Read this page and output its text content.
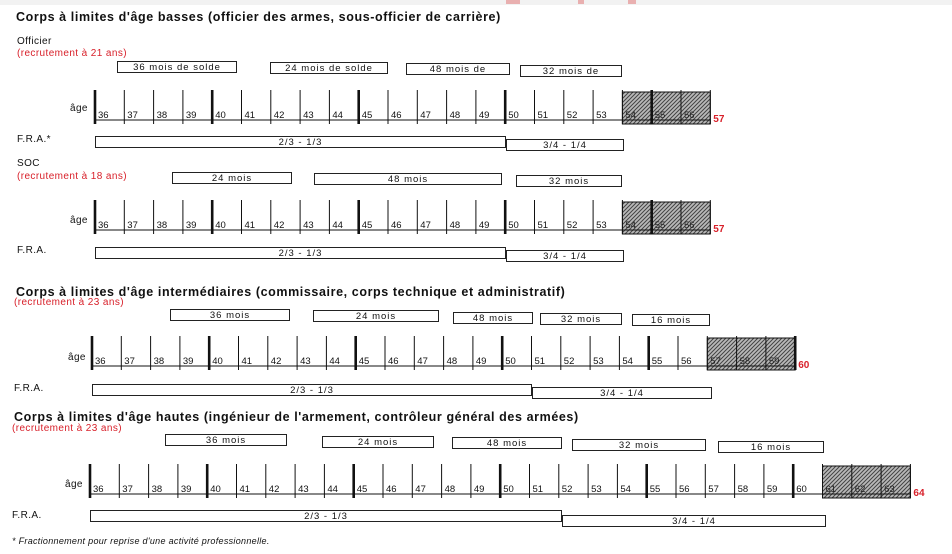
Corps à limites d'âge basses (officier des armes, sous-officier de carrière)
Officier
(recrutement à 21 ans)
36 mois de solde	24 mois de solde	48 mois de	32 mois de
âge
36 37 38 39 40 41 42 43 44 45 46 47 48 49 50 51 52 53 54 55 56 57
F.R.A.*	2/3 - 1/3	3/4 - 1/4
SOC
(recrutement à 18 ans)	24 mois	48 mois	32 mois
âge 36 37 38 39 40 41 42 43 44 45 46 47 48 49 50 51 52 53 54 55 56 57
F.R.A.	2/3 - 1/3	3/4 - 1/4
Corps à limites d'âge intermédiaires (commissaire, corps technique et administratif)
(recrutement à 23 ans)
36 mois	24 mois	48 mois	32 mois	16 mois
âge 36 37 38 39 40 41 42 43 44 45 46 47 48 49 50 51 52 53 54 55 56 57 58 59 60
F.R.A.	2/3 - 1/3	3/4 - 1/4
Corps à limites d'âge hautes (ingénieur de l'armement, contrôleur général des armées)
(recrutement à 23 ans)
36 mois	24 mois	48 mois	32 mois	16 mois
âge 36 37 38 39 40 41 42 43 44 45 46 47 48 49 50 51 52 53 54 55 56 57 58 59 60 61 62 63 64
F.R.A.	2/3 - 1/3	3/4 - 1/4
* Fractionnement pour reprise d'une activité professionnelle.
